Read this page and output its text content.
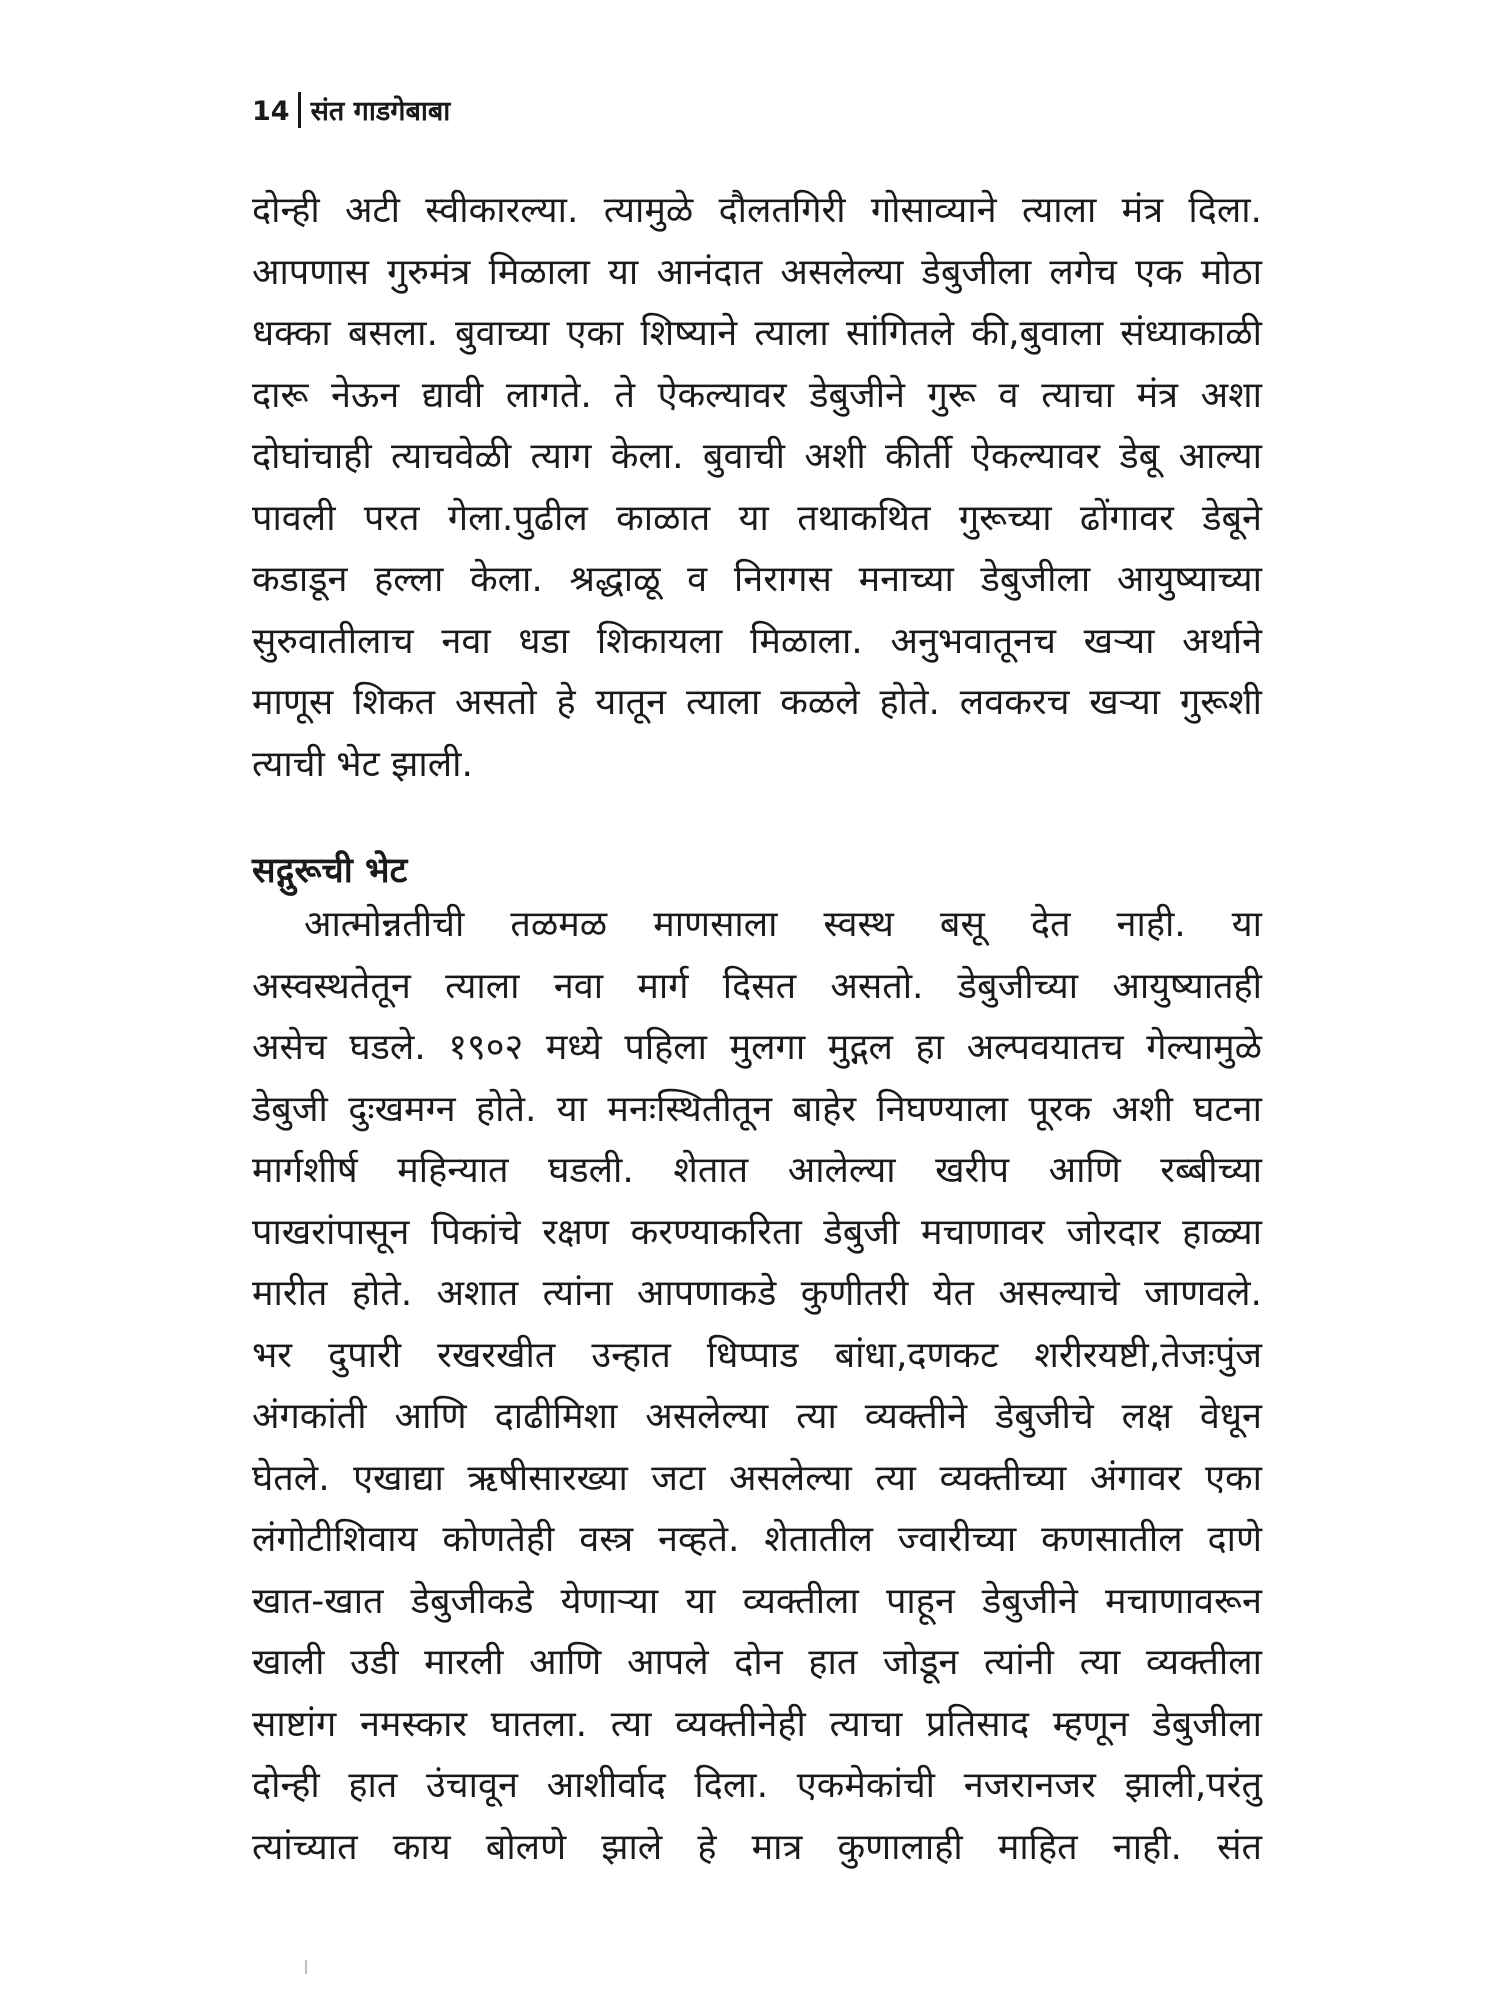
14 संत गाडगेबाबा
दोन्ही अटी स्वीकारल्या. त्यामुळे दौलतगिरी गोसाव्याने त्याला मंत्र दिला.
आपणास गुरुमंत्र मिळाला या आनंदात असलेल्या डेबुजीला लगेच एक मोठा
धक्का बसला. बुवाच्या एका शिष्याने त्याला सांगितले की,बुवाला संध्याकाळी
दारू नेऊन द्यावी लागते. ते ऐकल्यावर डेबुजीने गुरू व त्याचा मंत्र अशा
दोघांचाही त्याचवेळी त्याग केला. बुवाची अशी कीर्ती ऐकल्यावर डेबू आल्या
पावली परत गेला.पुढील काळात या तथाकथित गुरूच्या ढोंगावर डेबूने
कडाडून हल्ला केला. श्रद्धाळू व निरागस मनाच्या डेबुजीला आयुष्याच्या
सुरुवातीलाच नवा धडा शिकायला मिळाला. अनुभवातूनच खऱ्या अर्थाने
माणूस शिकत असतो हे यातून त्याला कळले होते. लवकरच खऱ्या गुरूशी
त्याची भेट झाली.
सद्गुरूची भेट
आत्मोन्नतीची तळमळ माणसाला स्वस्थ बसू देत नाही. या
अस्वस्थतेतून त्याला नवा मार्ग दिसत असतो. डेबुजीच्या आयुष्यातही
असेच घडले. १९०२ मध्ये पहिला मुलगा मुद्गल हा अल्पवयातच गेल्यामुळे
डेबुजी दुःखमग्न होते. या मनःस्थितीतून बाहेर निघण्याला पूरक अशी घटना
मार्गशीर्ष महिन्यात घडली. शेतात आलेल्या खरीप आणि रब्बीच्या
पाखरांपासून पिकांचे रक्षण करण्याकरिता डेबुजी मचाणावर जोरदार हाळ्या
मारीत होते. अशात त्यांना आपणाकडे कुणीतरी येत असल्याचे जाणवले.
भर दुपारी रखरखीत उन्हात धिप्पाड बांधा,दणकट शरीरयष्टी,तेजःपुंज
अंगकांती आणि दाढीमिशा असलेल्या त्या व्यक्तीने डेबुजीचे लक्ष वेधून
घेतले. एखाद्या ऋषीसारख्या जटा असलेल्या त्या व्यक्तीच्या अंगावर एका
लंगोटीशिवाय कोणतेही वस्त्र नव्हते. शेतातील ज्वारीच्या कणसातील दाणे
खात-खात डेबुजीकडे येणाऱ्या या व्यक्तीला पाहून डेबुजीने मचाणावरून
खाली उडी मारली आणि आपले दोन हात जोडून त्यांनी त्या व्यक्तीला
साष्टांग नमस्कार घातला. त्या व्यक्तीनेही त्याचा प्रतिसाद म्हणून डेबुजीला
दोन्ही हात उंचावून आशीर्वाद दिला. एकमेकांची नजरानजर झाली,परंतु
त्यांच्यात काय बोलणे झाले हे मात्र कुणालाही माहित नाही. संत
